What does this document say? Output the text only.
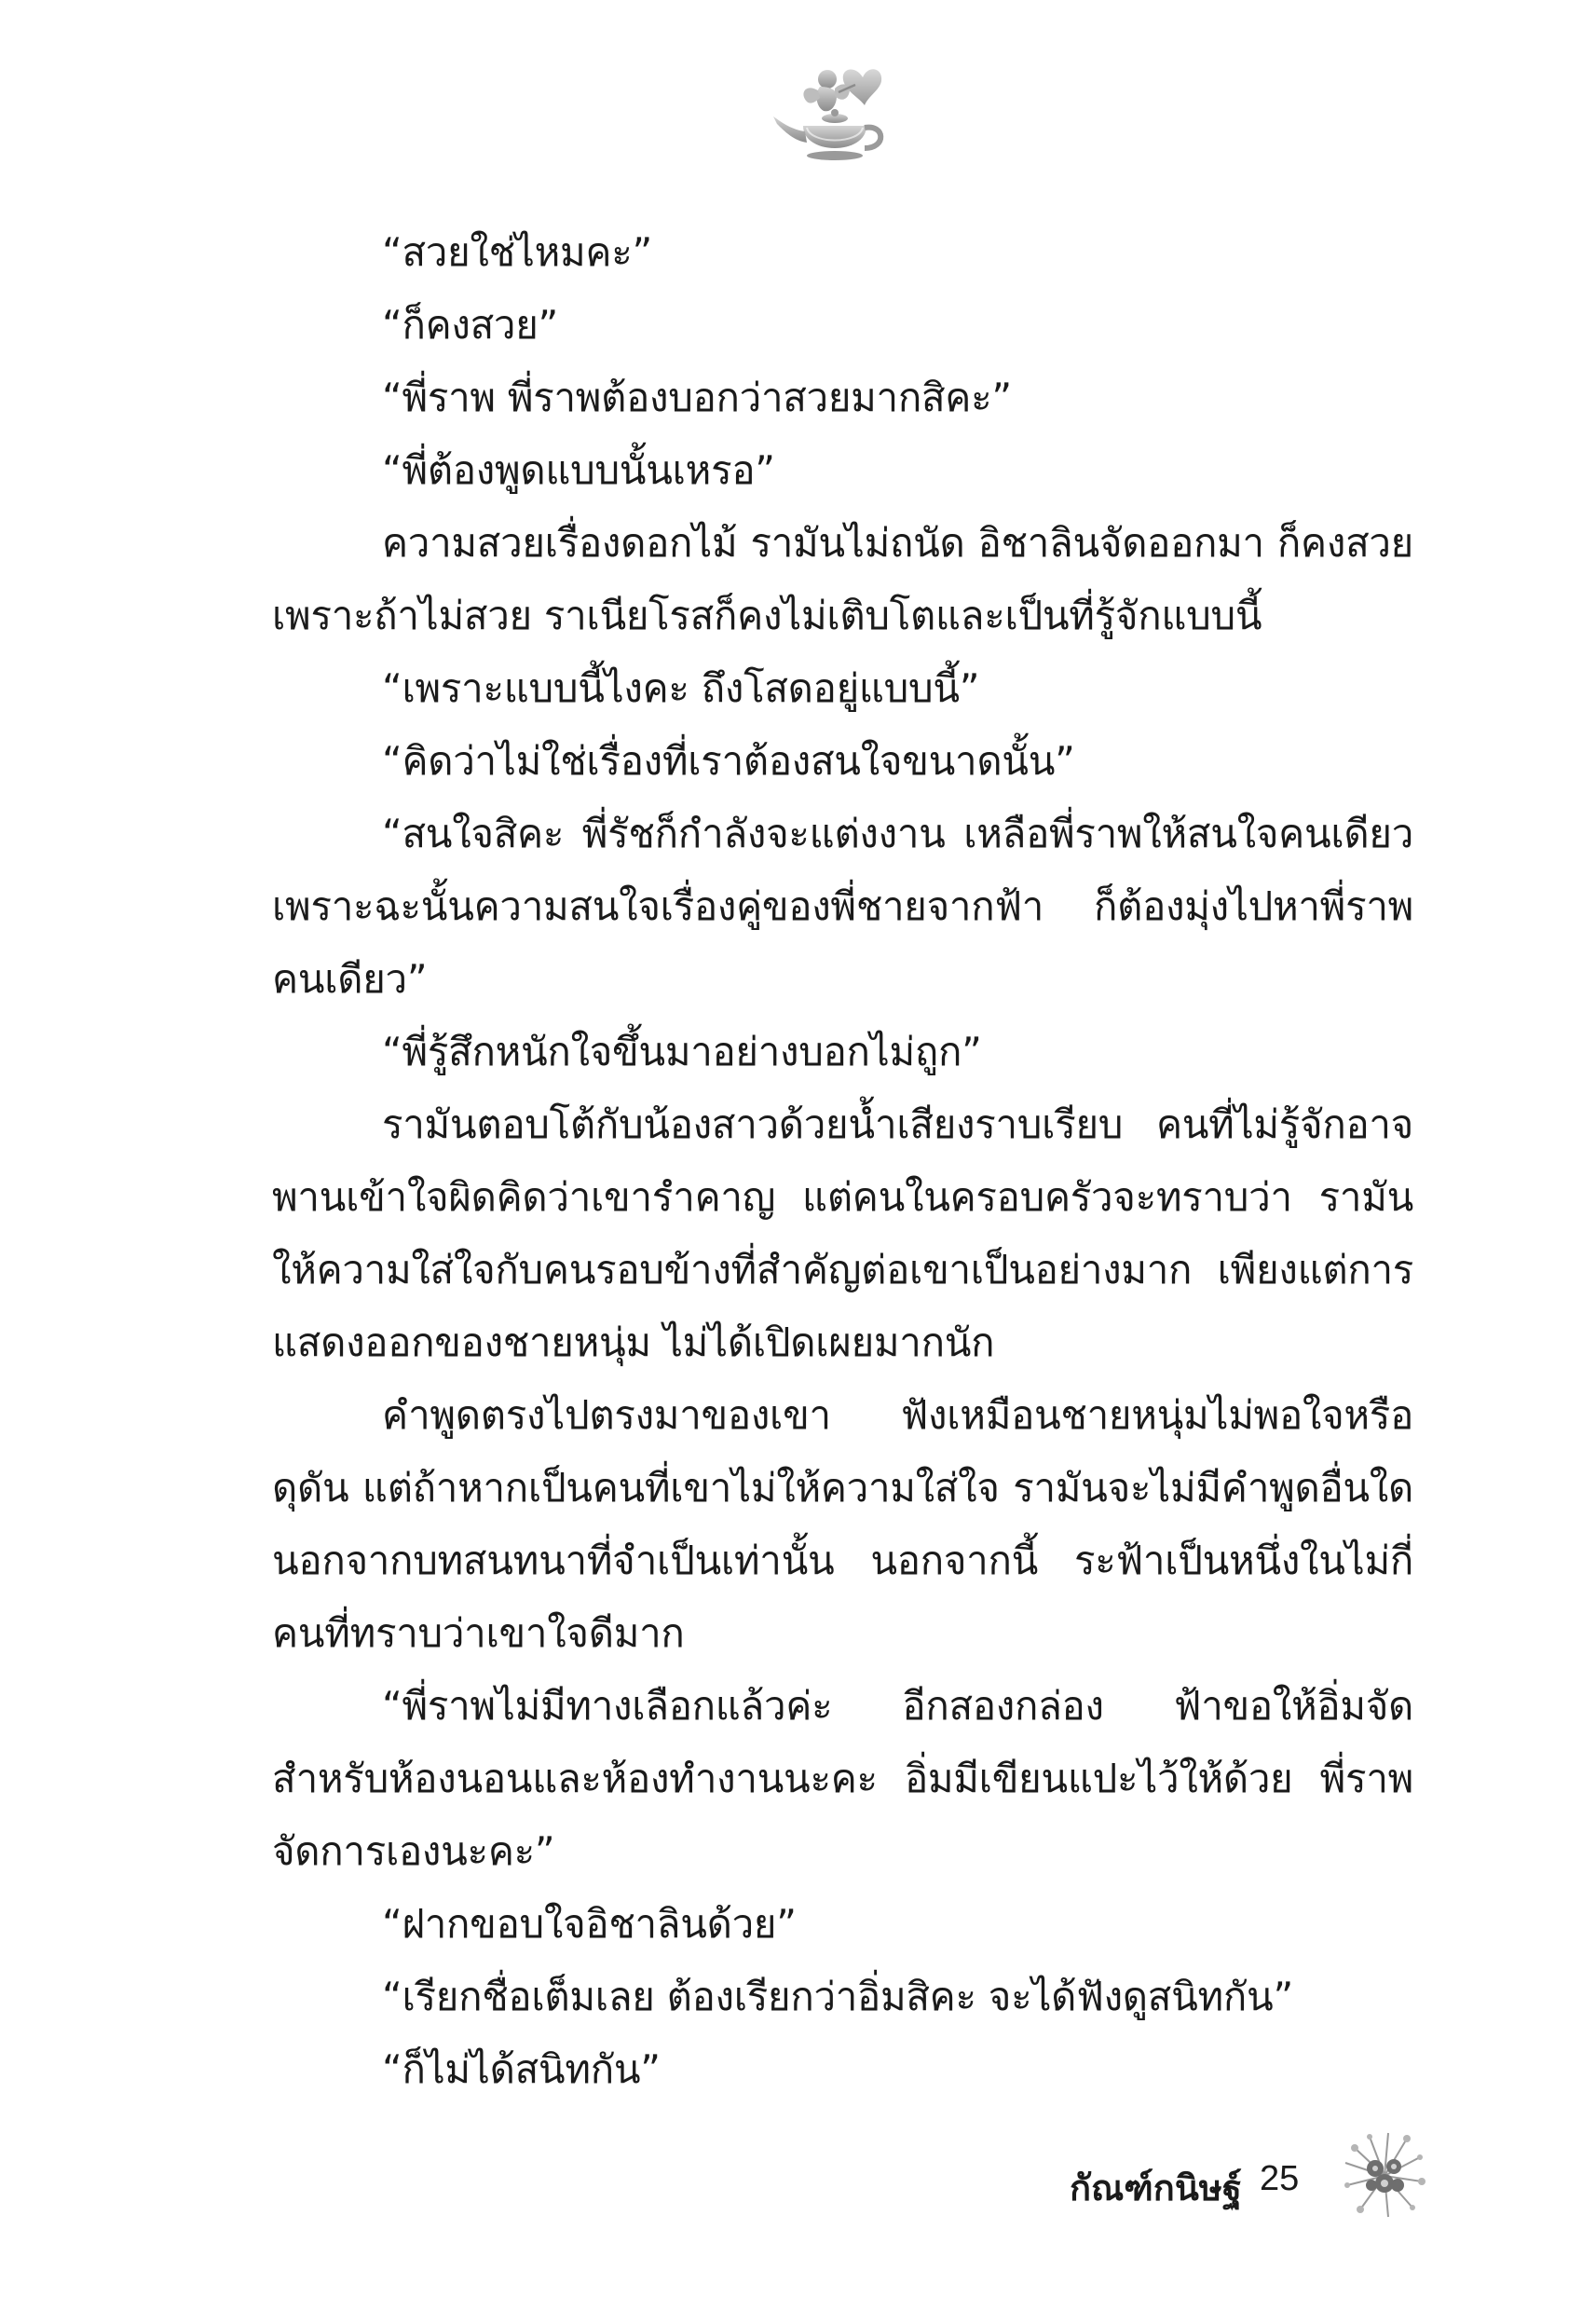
“สวยใช่ไหมคะ”

“ก็คงสวย”

“พี่ราพ พี่ราพต้องบอกว่าสวยมากสิคะ”

“พี่ต้องพูดแบบนั้นเหรอ”

ความสวยเรื่องดอกไม้ รามันไม่ถนัด อิชาลินจัดออกมา ก็คงสวย เพราะถ้าไม่สวย ราเนียโรสก็คงไม่เติบโตและเป็นที่รู้จักแบบนี้

“เพราะแบบนี้ไงคะ ถึงโสดอยู่แบบนี้”

“คิดว่าไม่ใช่เรื่องที่เราต้องสนใจขนาดนั้น”

“สนใจสิคะ พี่รัชก็กำลังจะแต่งงาน เหลือพี่ราพให้สนใจคนเดียว เพราะฉะนั้นความสนใจเรื่องคู่ของพี่ชายจากฟ้า ก็ต้องมุ่งไปหาพี่ราพ คนเดียว”

“พี่รู้สึกหนักใจขึ้นมาอย่างบอกไม่ถูก”

รามันตอบโต้กับน้องสาวด้วยน้ำเสียงราบเรียบ คนที่ไม่รู้จักอาจพานเข้าใจผิดคิดว่าเขารำคาญ แต่คนในครอบครัวจะทราบว่า รามันให้ความใส่ใจกับคนรอบข้างที่สำคัญต่อเขาเป็นอย่างมาก เพียงแต่การแสดงออกของชายหนุ่ม ไม่ได้เปิดเผยมากนัก

คำพูดตรงไปตรงมาของเขา ฟังเหมือนชายหนุ่มไม่พอใจหรือดุดัน แต่ถ้าหากเป็นคนที่เขาไม่ให้ความใส่ใจ รามันจะไม่มีคำพูดอื่นใดนอกจากบทสนทนาที่จำเป็นเท่านั้น นอกจากนี้ ระฟ้าเป็นหนึ่งในไม่กี่คนที่ทราบว่าเขาใจดีมาก

“พี่ราพไม่มีทางเลือกแล้วค่ะ อีกสองกล่อง ฟ้าขอให้อิ่มจัดสำหรับห้องนอนและห้องทำงานนะคะ อิ่มมีเขียนแปะไว้ให้ด้วย พี่ราพจัดการเองนะคะ”

“ฝากขอบใจอิชาลินด้วย”

“เรียกชื่อเต็มเลย ต้องเรียกว่าอิ่มสิคะ จะได้ฟังดูสนิทกัน”

“ก็ไม่ได้สนิทกัน”

กัณฑ์กนิษฐ์ 25
